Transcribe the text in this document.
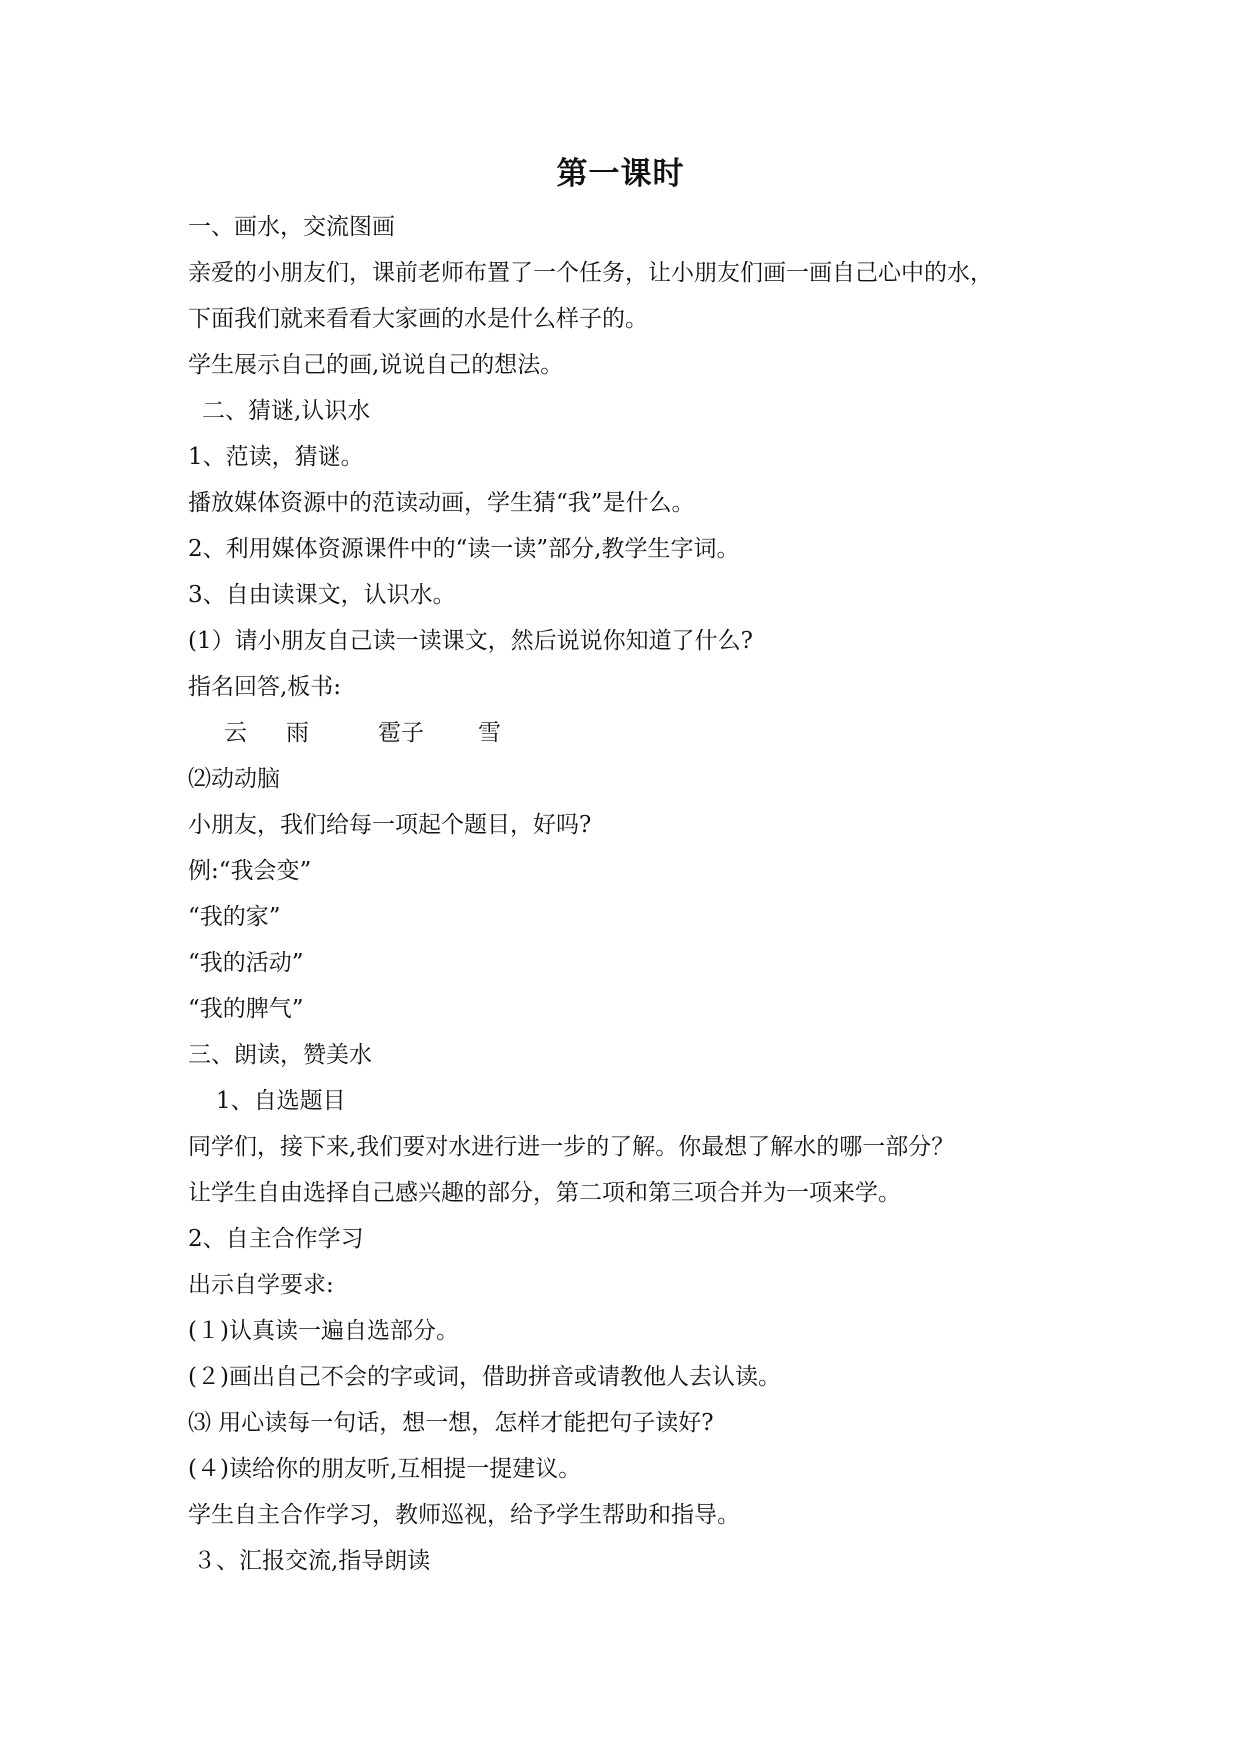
第一课时
一、画水，交流图画
亲爱的小朋友们，课前老师布置了一个任务，让小朋友们画一画自己心中的水，
下面我们就来看看大家画的水是什么样子的。
学生展示自己的画,说说自己的想法。
二、猜谜,认识水
1、范读，猜谜。
播放媒体资源中的范读动画，学生猜“我”是什么。
2、利用媒体资源课件中的“读一读”部分,教学生字词。
3、自由读课文，认识水。
(1）请小朋友自己读一读课文，然后说说你知道了什么?
指名回答,板书:
云	雨	雹子	雪
⑵动动脑
小朋友，我们给每一项起个题目，好吗?
例:“我会变”
“我的家”
“我的活动”
“我的脾气”
三、朗读，赞美水
1、自选题目
同学们，接下来,我们要对水进行进一步的了解。你最想了解水的哪一部分？
让学生自由选择自己感兴趣的部分，第二项和第三项合并为一项来学。
2、自主合作学习
出示自学要求:
(１)认真读一遍自选部分。
(２)画出自己不会的字或词，借助拼音或请教他人去认读。
⑶ 用心读每一句话，想一想，怎样才能把句子读好?
(４)读给你的朋友听,互相提一提建议。
学生自主合作学习，教师巡视，给予学生帮助和指导。
３、汇报交流,指导朗读
